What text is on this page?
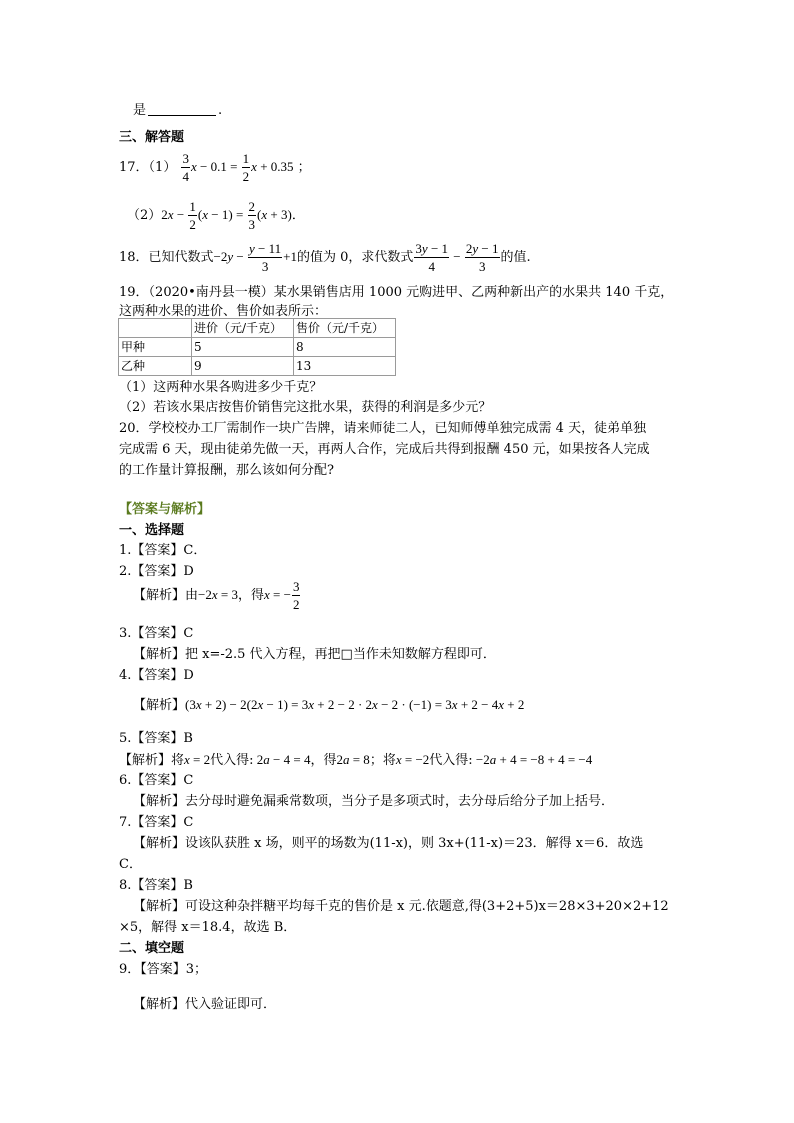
是	.
三、解答题
17．$(1) \frac{3}{4}$ $x - 0.1 = \frac{1}{2}$ x + 0.35 ；
$(2)2x - \frac{1}{2} (x - 1) = \frac{2}{3} (x + 3)$．
18．已知代数式$-2y - \frac{y - 11}{3} +1$的值为 0，求代数式 $\frac{3y - 1}{4} - \frac{2y - 1}{3}$ 的值.
19．（2020•南丹县一模）某水果销售店用 1000 元购进甲、乙两种新出产的水果共 140 千克，
这两种水果的进价、售价如表所示：
	进价（元/千克）	售价（元/千克）
甲种	5	8
乙种	9	13
（1）这两种水果各购进多少千克？
（2）若该水果店按售价销售完这批水果，获得的利润是多少元？
20．学校校办工厂需制作一块广告牌，请来师徒二人，已知师傅单独完成需 4 天，徒弟单独
完成需 6 天，现由徒弟先做一天，再两人合作，完成后共得到报酬 450 元，如果按各人完成
的工作量计算报酬，那么该如何分配?
【答案与解析】
一、选择题
1.【答案】C．
2.【答案】D
【解析】由−2x = 3，得x = − $\frac{3}{2}$
3.【答案】C
【解析】把 x=-2.5 代入方程，再把□当作未知数解方程即可．
4.【答案】D
【解析】(3x + 2) − 2(2x − 1) = 3x + 2 − 2 · 2x − 2 · (−1) = 3x + 2 − 4x + 2
5.【答案】B
【解析】将x = 2代入得: 2a − 4 = 4，得2a = 8；将x = −2代入得: −2a + 4 = −8 + 4 = −4
6.【答案】C
【解析】去分母时避免漏乘常数项，当分子是多项式时，去分母后给分子加上括号．
7.【答案】C
【解析】设该队获胜 x 场，则平的场数为(11-x)，则 3x+(11-x)＝23．解得 x＝6．故选
C．
8.【答案】B
【解析】可设这种杂拌糖平均每千克的售价是 x 元.依题意,得(3+2+5)x＝28×3+20×2+12
×5，解得 x＝18.4，故选 B．
二、填空题
9．【答案】3；
【解析】代入验证即可．
